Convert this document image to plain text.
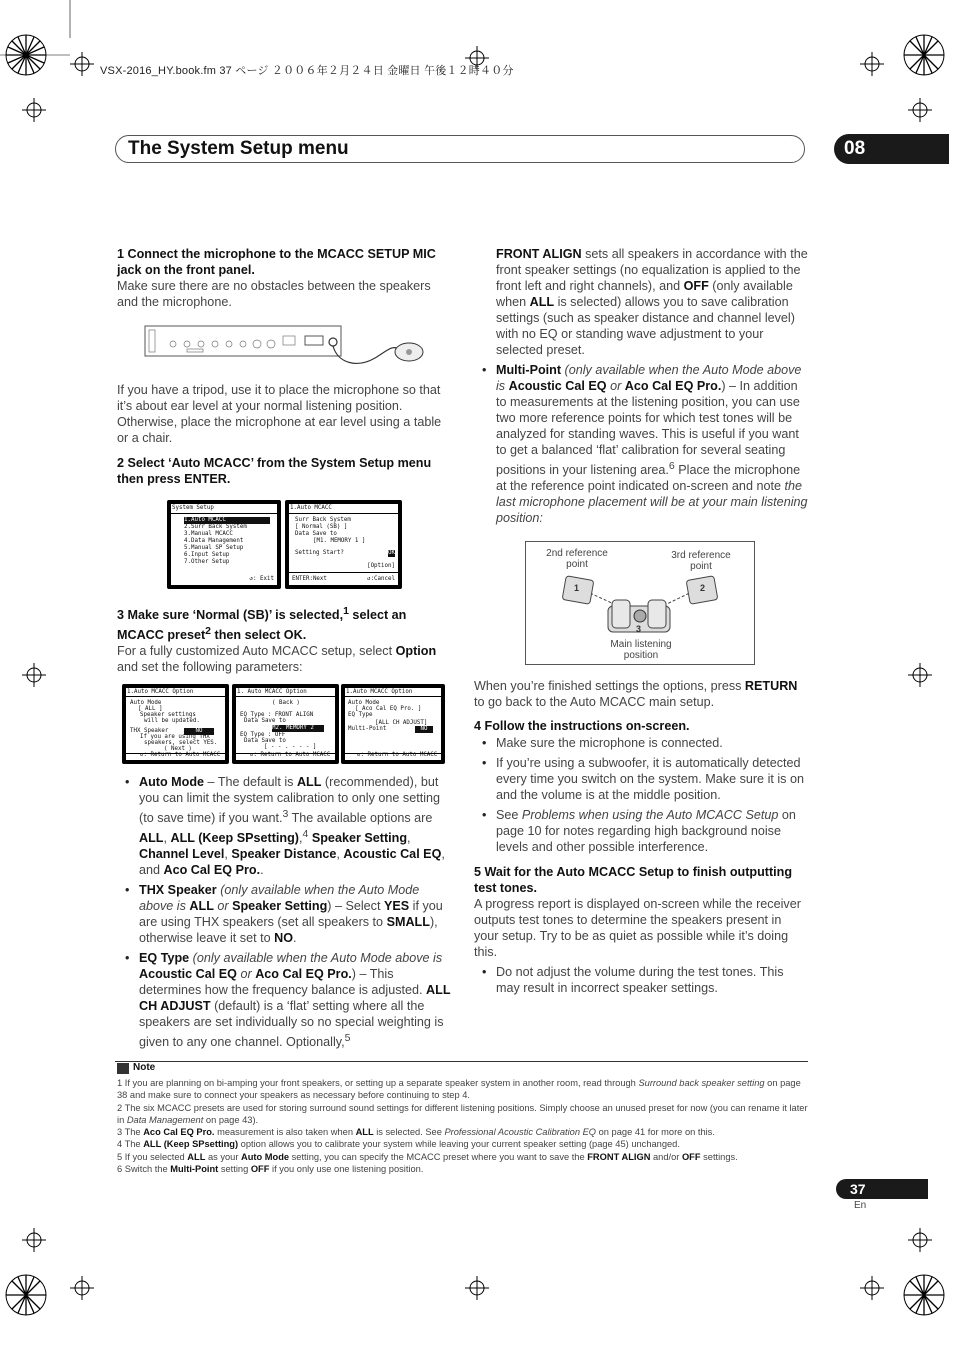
VSX-2016_HY.book.fm 37 ページ ２００６年２月２４日 金曜日 午後１２時４０分
The System Setup menu	08

1 Connect the microphone to the MCACC SETUP MIC jack on the front panel.

Make sure there are no obstacles between the speakers and the microphone.

If you have a tripod, use it to place the microphone so that it’s about ear level at your normal listening position. Otherwise, place the microphone at ear level using a table or a chair.

2 Select ‘Auto MCACC’ from the System Setup menu then press ENTER.

System Setup

1.Auto MCACC

2.Surr Back System

3.Manual MCACC

4.Data Management

5.Manual SP Setup

6.Input Setup

7.Other Setup

↺: Exit

1.Auto MCACC

Surr Back System

[ Normal (SB) ]

Data Save to

[M1. MEMORY 1 ]

Setting Start?

	OK

[Option]

ENTER:Next

	↺:Cancel

3 Make sure ‘Normal (SB)’ is selected,$^1$ select an MCACC preset$^2$ then select OK.

For a fully customized Auto MCACC setup, select Option and set the following parameters:

1.Auto MCACC Option

Auto Mode

[ ALL ]

Speaker settings

will be updated.

THX Speaker

	NO

If you are using THX

speakers, select YES.

( Next )

↺: Return to Auto MCACC

1. Auto MCACC Option

( Back )

EQ Type : FRONT ALIGN

Data Save to

M2. MEMORY 2

EQ Type : OFF

Data Save to

[ - - . - - - ]

↺: Return to Auto MCACC

1.Auto MCACC Option

Auto Mode

[ Aco Cal EQ Pro. ]

EQ Type

[ALL CH ADJUST]

Multi-Point

	NO

↺: Return to Auto MCACC

• Auto Mode – The default is ALL (recommended), but you can limit the system calibration to only one setting (to save time) if you want.$^3$ The available options are ALL, ALL (Keep SPsetting),$^4$ Speaker Setting, Channel Level, Speaker Distance, Acoustic Cal EQ, and Aco Cal EQ Pro..

• THX Speaker (only available when the Auto Mode above is ALL or Speaker Setting) – Select YES if you are using THX speakers (set all speakers to SMALL), otherwise leave it set to NO.

• EQ Type (only available when the Auto Mode above is Acoustic Cal EQ or Aco Cal EQ Pro.) – This determines how the frequency balance is adjusted. ALL CH ADJUST (default) is a ‘flat’ setting where all the speakers are set individually so no special weighting is given to any one channel. Optionally,$^5$

FRONT ALIGN sets all speakers in accordance with the front speaker settings (no equalization is applied to the front left and right channels), and OFF (only available when ALL is selected) allows you to save calibration settings (such as speaker distance and channel level) with no EQ or standing wave adjustment to your selected preset.

• Multi-Point (only available when the Auto Mode above is Acoustic Cal EQ or Aco Cal EQ Pro.) – In addition to measurements at the listening position, you can use two more reference points for which test tones will be analyzed for standing waves. This is useful if you want to get a balanced ‘flat’ calibration for several seating positions in your listening area.$^6$ Place the microphone at the reference point indicated on-screen and note the last microphone placement will be at your main listening position:

2nd reference point
3rd reference point
1	2
3
Main listening position

When you’re finished settings the options, press RETURN to go back to the Auto MCACC main setup.

4 Follow the instructions on-screen.

• Make sure the microphone is connected.

• If you’re using a subwoofer, it is automatically detected every time you switch on the system. Make sure it is on and the volume is at the middle position.

• See Problems when using the Auto MCACC Setup on page 10 for notes regarding high background noise levels and other possible interference.

5 Wait for the Auto MCACC Setup to finish outputting test tones.

A progress report is displayed on-screen while the receiver outputs test tones to determine the speakers present in your setup. Try to be as quiet as possible while it’s doing this.

• Do not adjust the volume during the test tones. This may result in incorrect speaker settings.

Note

1 If you are planning on bi-amping your front speakers, or setting up a separate speaker system in another room, read through Surround back speaker setting on page 38 and make sure to connect your speakers as necessary before continuing to step 4.

2 The six MCACC presets are used for storing surround sound settings for different listening positions. Simply choose an unused preset for now (you can rename it later in Data Management on page 43).

3 The Aco Cal EQ Pro. measurement is also taken when ALL is selected. See Professional Acoustic Calibration EQ on page 41 for more on this.

4 The ALL (Keep SPsetting) option allows you to calibrate your system while leaving your current speaker setting (page 45) unchanged.

5 If you selected ALL as your Auto Mode setting, you can specify the MCACC preset where you want to save the FRONT ALIGN and/or OFF settings.

6 Switch the Multi-Point setting OFF if you only use one listening position.

37
En
